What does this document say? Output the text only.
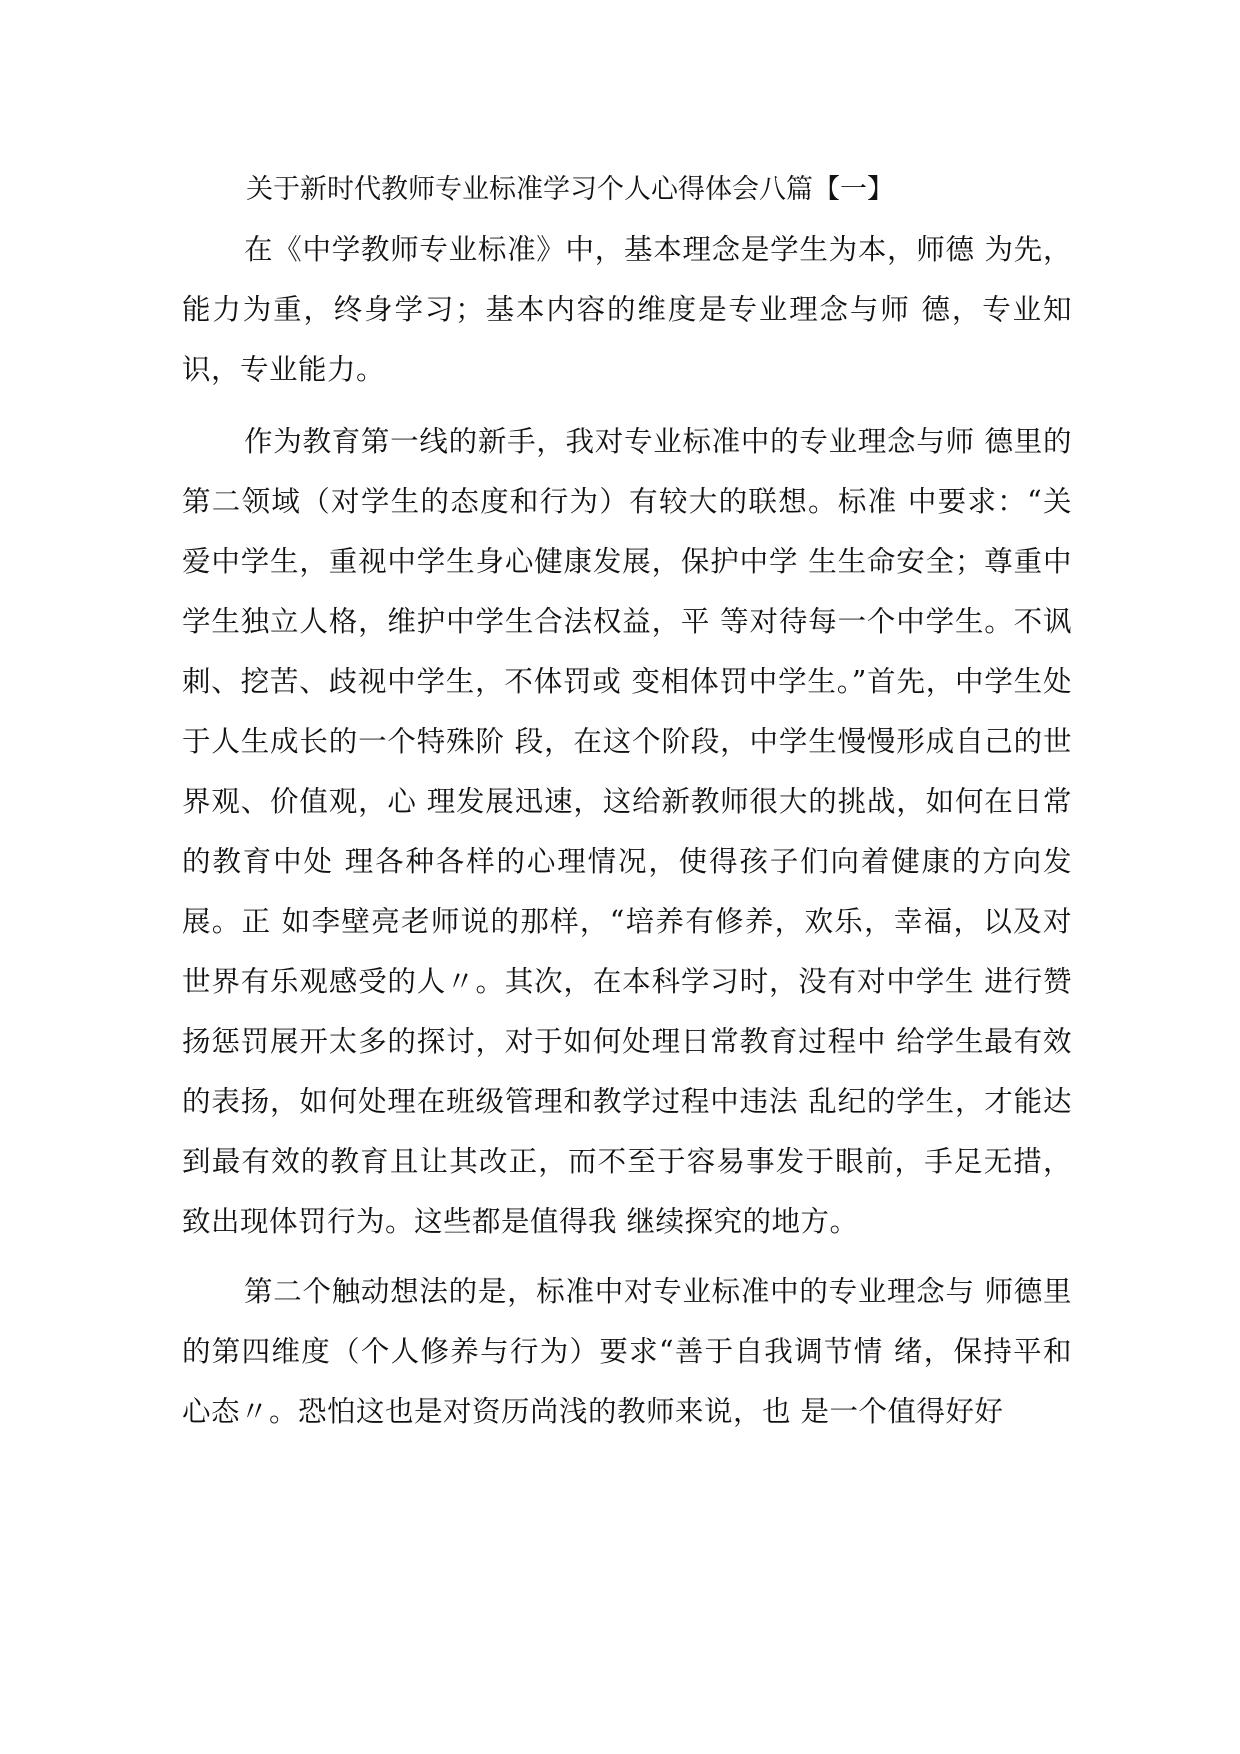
关于新时代教师专业标准学习个人心得体会八篇【一】

在《中学教师专业标准》中，基本理念是学生为本，师德 为先，能力为重，终身学习；基本内容的维度是专业理念与师 德，专业知识，专业能力。

作为教育第一线的新手，我对专业标准中的专业理念与师 德里的第二领域（对学生的态度和行为）有较大的联想。标准 中要求：“关爱中学生，重视中学生身心健康发展，保护中学 生生命安全；尊重中学生独立人格，维护中学生合法权益，平 等对待每一个中学生。不讽刺、挖苦、歧视中学生，不体罚或 变相体罚中学生。”首先，中学生处于人生成长的一个特殊阶 段，在这个阶段，中学生慢慢形成自己的世界观、价值观，心 理发展迅速，这给新教师很大的挑战，如何在日常的教育中处 理各种各样的心理情况，使得孩子们向着健康的方向发展。正 如李壁亮老师说的那样，“培养有修养，欢乐，幸福，以及对 世界有乐观感受的人〃。其次，在本科学习时，没有对中学生 进行赞扬惩罚展开太多的探讨，对于如何处理日常教育过程中 给学生最有效的表扬，如何处理在班级管理和教学过程中违法 乱纪的学生，才能达到最有效的教育且让其改正，而不至于容易事发于眼前，手足无措，致出现体罚行为。这些都是值得我 继续探究的地方。

第二个触动想法的是，标准中对专业标准中的专业理念与 师德里的第四维度（个人修养与行为）要求“善于自我调节情 绪，保持平和心态〃。恐怕这也是对资历尚浅的教师来说，也 是一个值得好好
